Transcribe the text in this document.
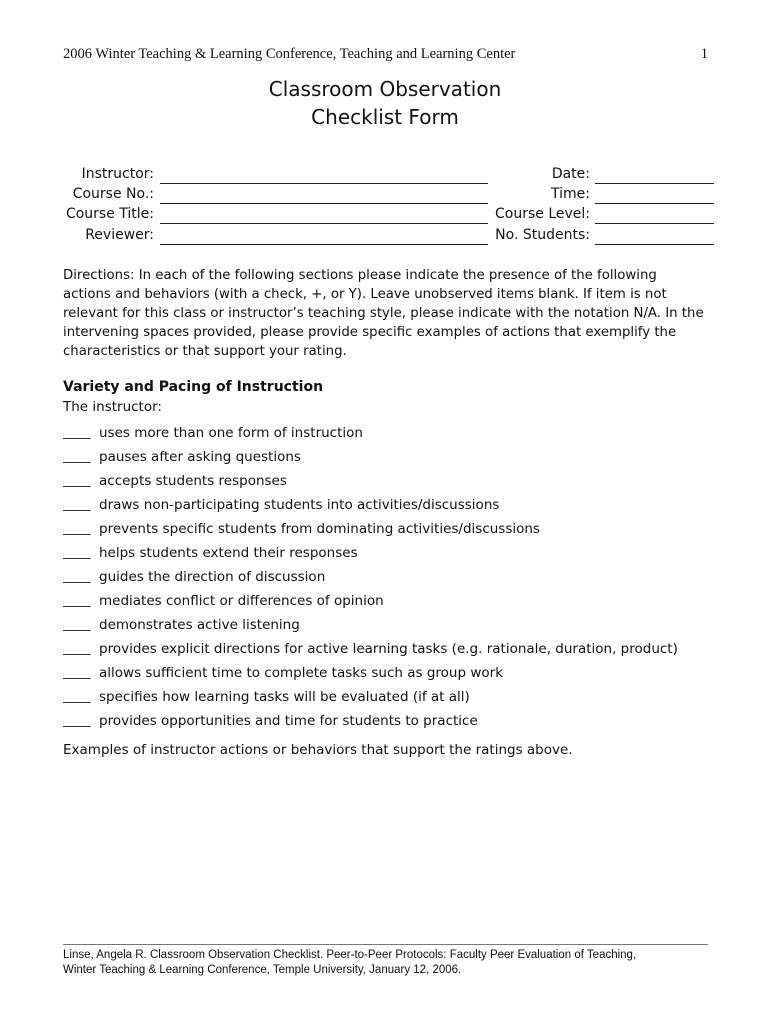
2006 Winter Teaching & Learning Conference, Teaching and Learning Center	1
Classroom Observation
Checklist Form
Instructor:
Course No.:
Course Title:
Reviewer:
Date:
Time:
Course Level:
No. Students:
Directions: In each of the following sections please indicate the presence of the following actions and behaviors (with a check, +, or Y). Leave unobserved items blank. If item is not relevant for this class or instructor’s teaching style, please indicate with the notation N/A. In the intervening spaces provided, please provide specific examples of actions that exemplify the characteristics or that support your rating.
Variety and Pacing of Instruction
The instructor:
uses more than one form of instruction
pauses after asking questions
accepts students responses
draws non-participating students into activities/discussions
prevents specific students from dominating activities/discussions
helps students extend their responses
guides the direction of discussion
mediates conflict or differences of opinion
demonstrates active listening
provides explicit directions for active learning tasks (e.g. rationale, duration, product)
allows sufficient time to complete tasks such as group work
specifies how learning tasks will be evaluated (if at all)
provides opportunities and time for students to practice
Examples of instructor actions or behaviors that support the ratings above.
Linse, Angela R. Classroom Observation Checklist. Peer-to-Peer Protocols: Faculty Peer Evaluation of Teaching,
Winter Teaching & Learning Conference, Temple University, January 12, 2006.
